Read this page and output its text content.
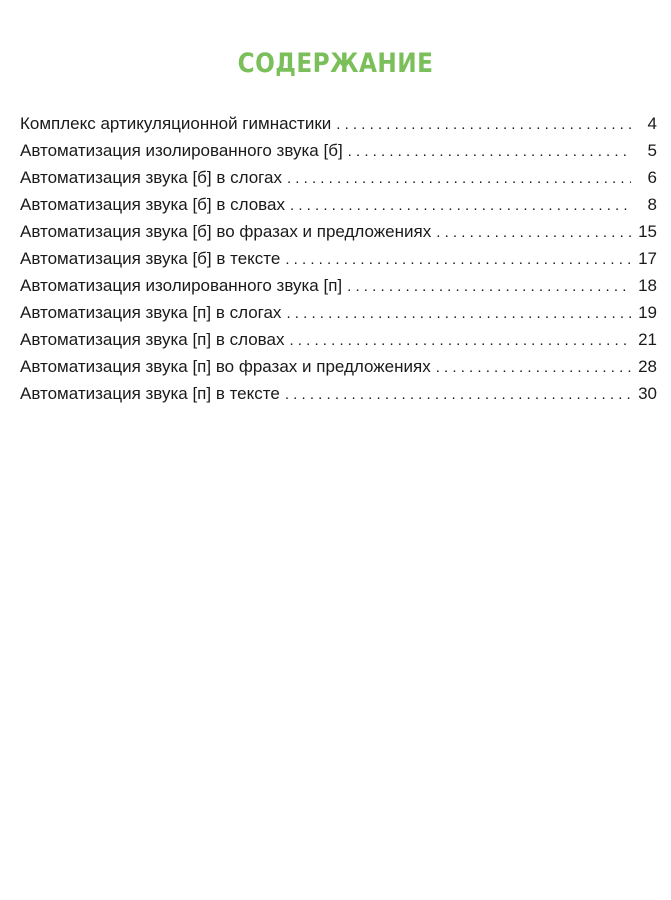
СОДЕРЖАНИЕ
Комплекс артикуляционной гимнастики . . .	4
Автоматизация изолированного звука [б] . . .	5
Автоматизация звука [б] в слогах . . .	6
Автоматизация звука [б] в словах . . .	8
Автоматизация звука [б] во фразах и предложениях . . .	15
Автоматизация звука [б] в тексте . . .	17
Автоматизация изолированного звука [п] . . .	18
Автоматизация звука [п] в слогах . . .	19
Автоматизация звука [п] в словах . . .	21
Автоматизация звука [п] во фразах и предложениях . . .	28
Автоматизация звука [п] в тексте . . .	30
